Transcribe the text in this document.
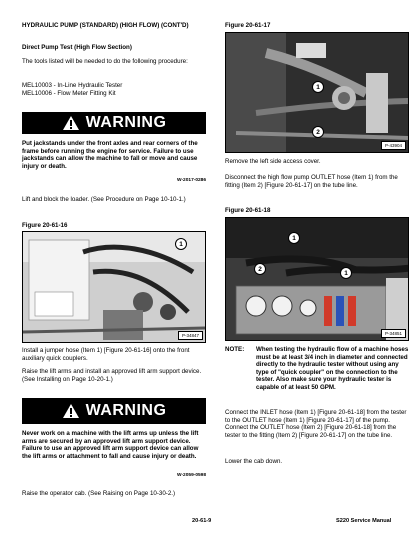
HYDRAULIC PUMP (STANDARD) (HIGH FLOW) (CONT'D)
Direct Pump Test (High Flow Section)
The tools listed will be needed to do the following procedure:
MEL10003 - In-Line Hydraulic Tester
MEL10006 - Flow Meter Fitting Kit
WARNING
Put jackstands under the front axles and rear corners of the frame before running the engine for service. Failure to use jackstands can allow the machine to fall or move and cause injury or death.
W-2017-0286
Lift and block the loader. (See Procedure on Page 10-10-1.)
Figure 20-61-16
1
P-34847
Install a jumper hose (Item 1) [Figure 20-61-16] onto the front auxiliary quick couplers.
Raise the lift arms and install an approved lift arm support device. (See Installing on Page 10-20-1.)
WARNING
Never work on a machine with the lift arms up unless the lift arms are secured by an approved lift arm support device. Failure to use an approved lift arm support device can allow the lift arms or attachment to fall and cause injury or death.
W-2059-0598
Raise the operator cab. (See Raising on Page 10-30-2.)
Figure 20-61-17
1
2
P-43904
Remove the left side access cover.
Disconnect the high flow pump OUTLET hose (Item 1) from the fitting (Item 2) [Figure 20-61-17] on the tube line.
Figure 20-61-18
1
2
1
P-34851
NOTE:	When testing the hydraulic flow of a machine hoses must be at least 3/4 inch in diameter and connected directly to the hydraulic tester without using any type of "quick coupler" on the connection to the tester. Also make sure your hydraulic tester is capable of at least 50 GPM.
Connect the INLET hose (Item 1) [Figure 20-61-18] from the tester to the OUTLET hose (Item 1) [Figure 20-61-17] of the pump. Connect the OUTLET hose (Item 2) [Figure 20-61-18] from the tester to the fitting (Item 2) [Figure 20-61-17] on the tube line.
Lower the cab down.
20-61-9	S220 Service Manual
